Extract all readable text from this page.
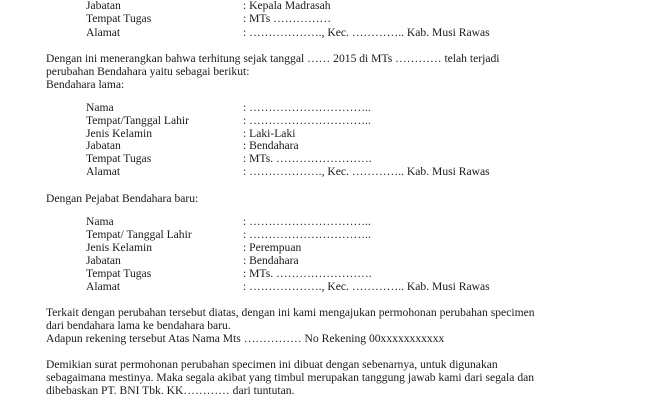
Jabatan	: Kepala Madrasah
Tempat Tugas	: MTs ……………
Alamat	: ………………., Kec. ………….. Kab. Musi Rawas
Dengan ini menerangkan bahwa terhitung sejak tanggal …… 2015 di MTs ………… telah terjadi
perubahan Bendahara yaitu sebagai berikut:
Bendahara lama:
Nama	: …………………………..
Tempat/Tanggal Lahir	: …………………………..
Jenis Kelamin	: Laki-Laki
Jabatan	: Bendahara
Tempat Tugas	: MTs. …………………….
Alamat	: ………………., Kec. ………….. Kab. Musi Rawas
Dengan Pejabat Bendahara baru:
Nama	: …………………………..
Tempat/ Tanggal Lahir	: …………………………..
Jenis Kelamin	: Perempuan
Jabatan	: Bendahara
Tempat Tugas	: MTs. …………………….
Alamat	: ………………., Kec. ………….. Kab. Musi Rawas
Terkait dengan perubahan tersebut diatas, dengan ini kami mengajukan permohonan perubahan specimen
dari bendahara lama ke bendahara baru.
Adapun rekening tersebut Atas Nama Mts …………… No Rekening 00xxxxxxxxxxx
Demikian surat permohonan perubahan specimen ini dibuat dengan sebenarnya, untuk digunakan
sebagaimana mestinya. Maka segala akibat yang timbul merupakan tanggung jawab kami dari segala dan
dibebaskan PT. BNI Tbk. KK………… dari tuntutan.
